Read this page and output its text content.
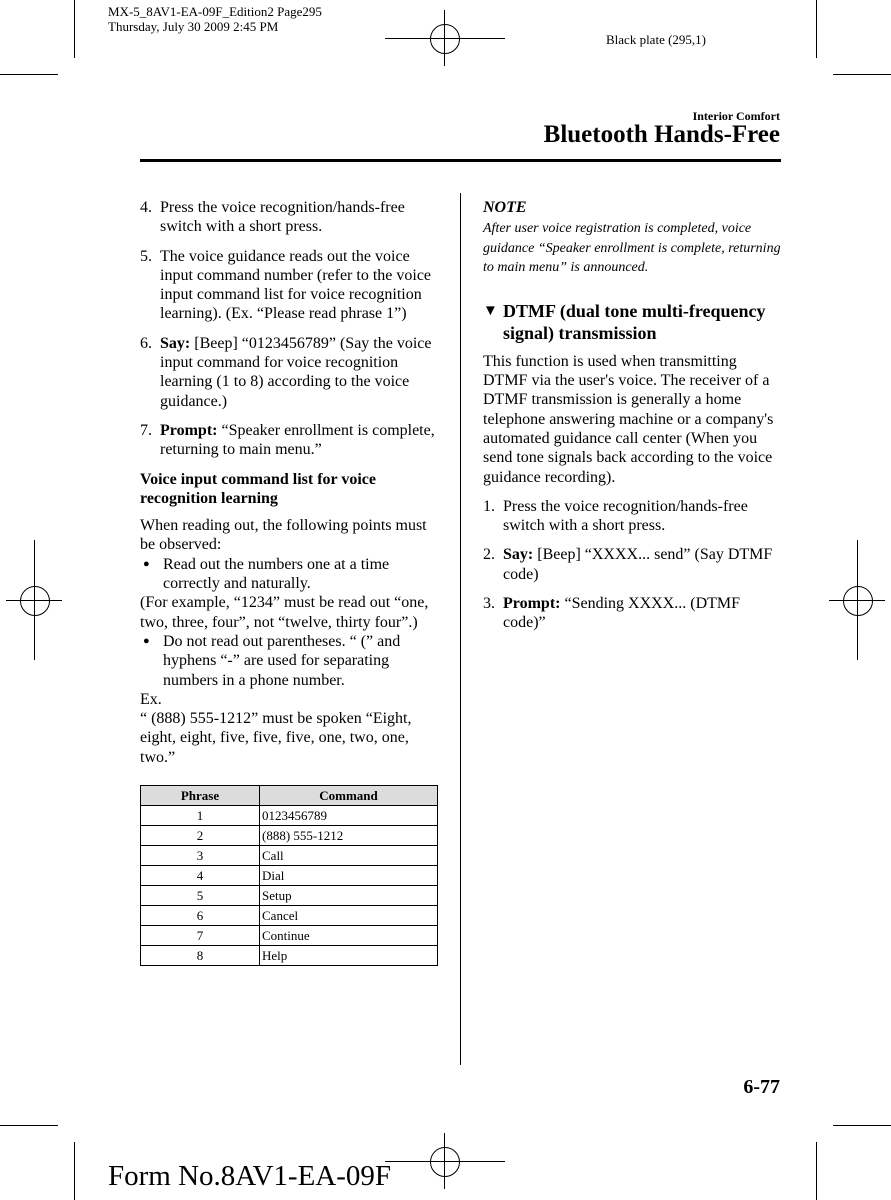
MX-5_8AV1-EA-09F_Edition2 Page295
Thursday, July 30 2009 2:45 PM
Black plate (295,1)
Interior Comfort
Bluetooth Hands-Free
4. Press the voice recognition/hands-free switch with a short press.
5. The voice guidance reads out the voice input command number (refer to the voice input command list for voice recognition learning). (Ex. “Please read phrase 1”)
6. Say: [Beep] “0123456789” (Say the voice input command for voice recognition learning (1 to 8) according to the voice guidance.)
7. Prompt: “Speaker enrollment is complete, returning to main menu.”
Voice input command list for voice recognition learning

When reading out, the following points must be observed:

● Read out the numbers one at a time correctly and naturally.

(For example, “1234” must be read out “one, two, three, four”, not “twelve, thirty four”.)

● Do not read out parentheses. “ (” and hyphens “-” are used for separating numbers in a phone number.

Ex.

“ (888) 555-1212” must be spoken “Eight, eight, eight, five, five, five, one, two, one, two.”

Phrase	Command
1	0123456789
2	(888) 555-1212
3	Call
4	Dial
5	Setup
6	Cancel
7	Continue
8	Help
NOTE
After user voice registration is completed, voice guidance “Speaker enrollment is complete, returning to main menu” is announced.
▼ DTMF (dual tone multi-frequency signal) transmission

This function is used when transmitting DTMF via the user's voice. The receiver of a DTMF transmission is generally a home telephone answering machine or a company's automated guidance call center (When you send tone signals back according to the voice guidance recording).

1. Press the voice recognition/hands-free switch with a short press.
2. Say: [Beep] “XXXX... send” (Say DTMF code)
3. Prompt: “Sending XXXX... (DTMF code)”
6-77
Form No.8AV1-EA-09F
